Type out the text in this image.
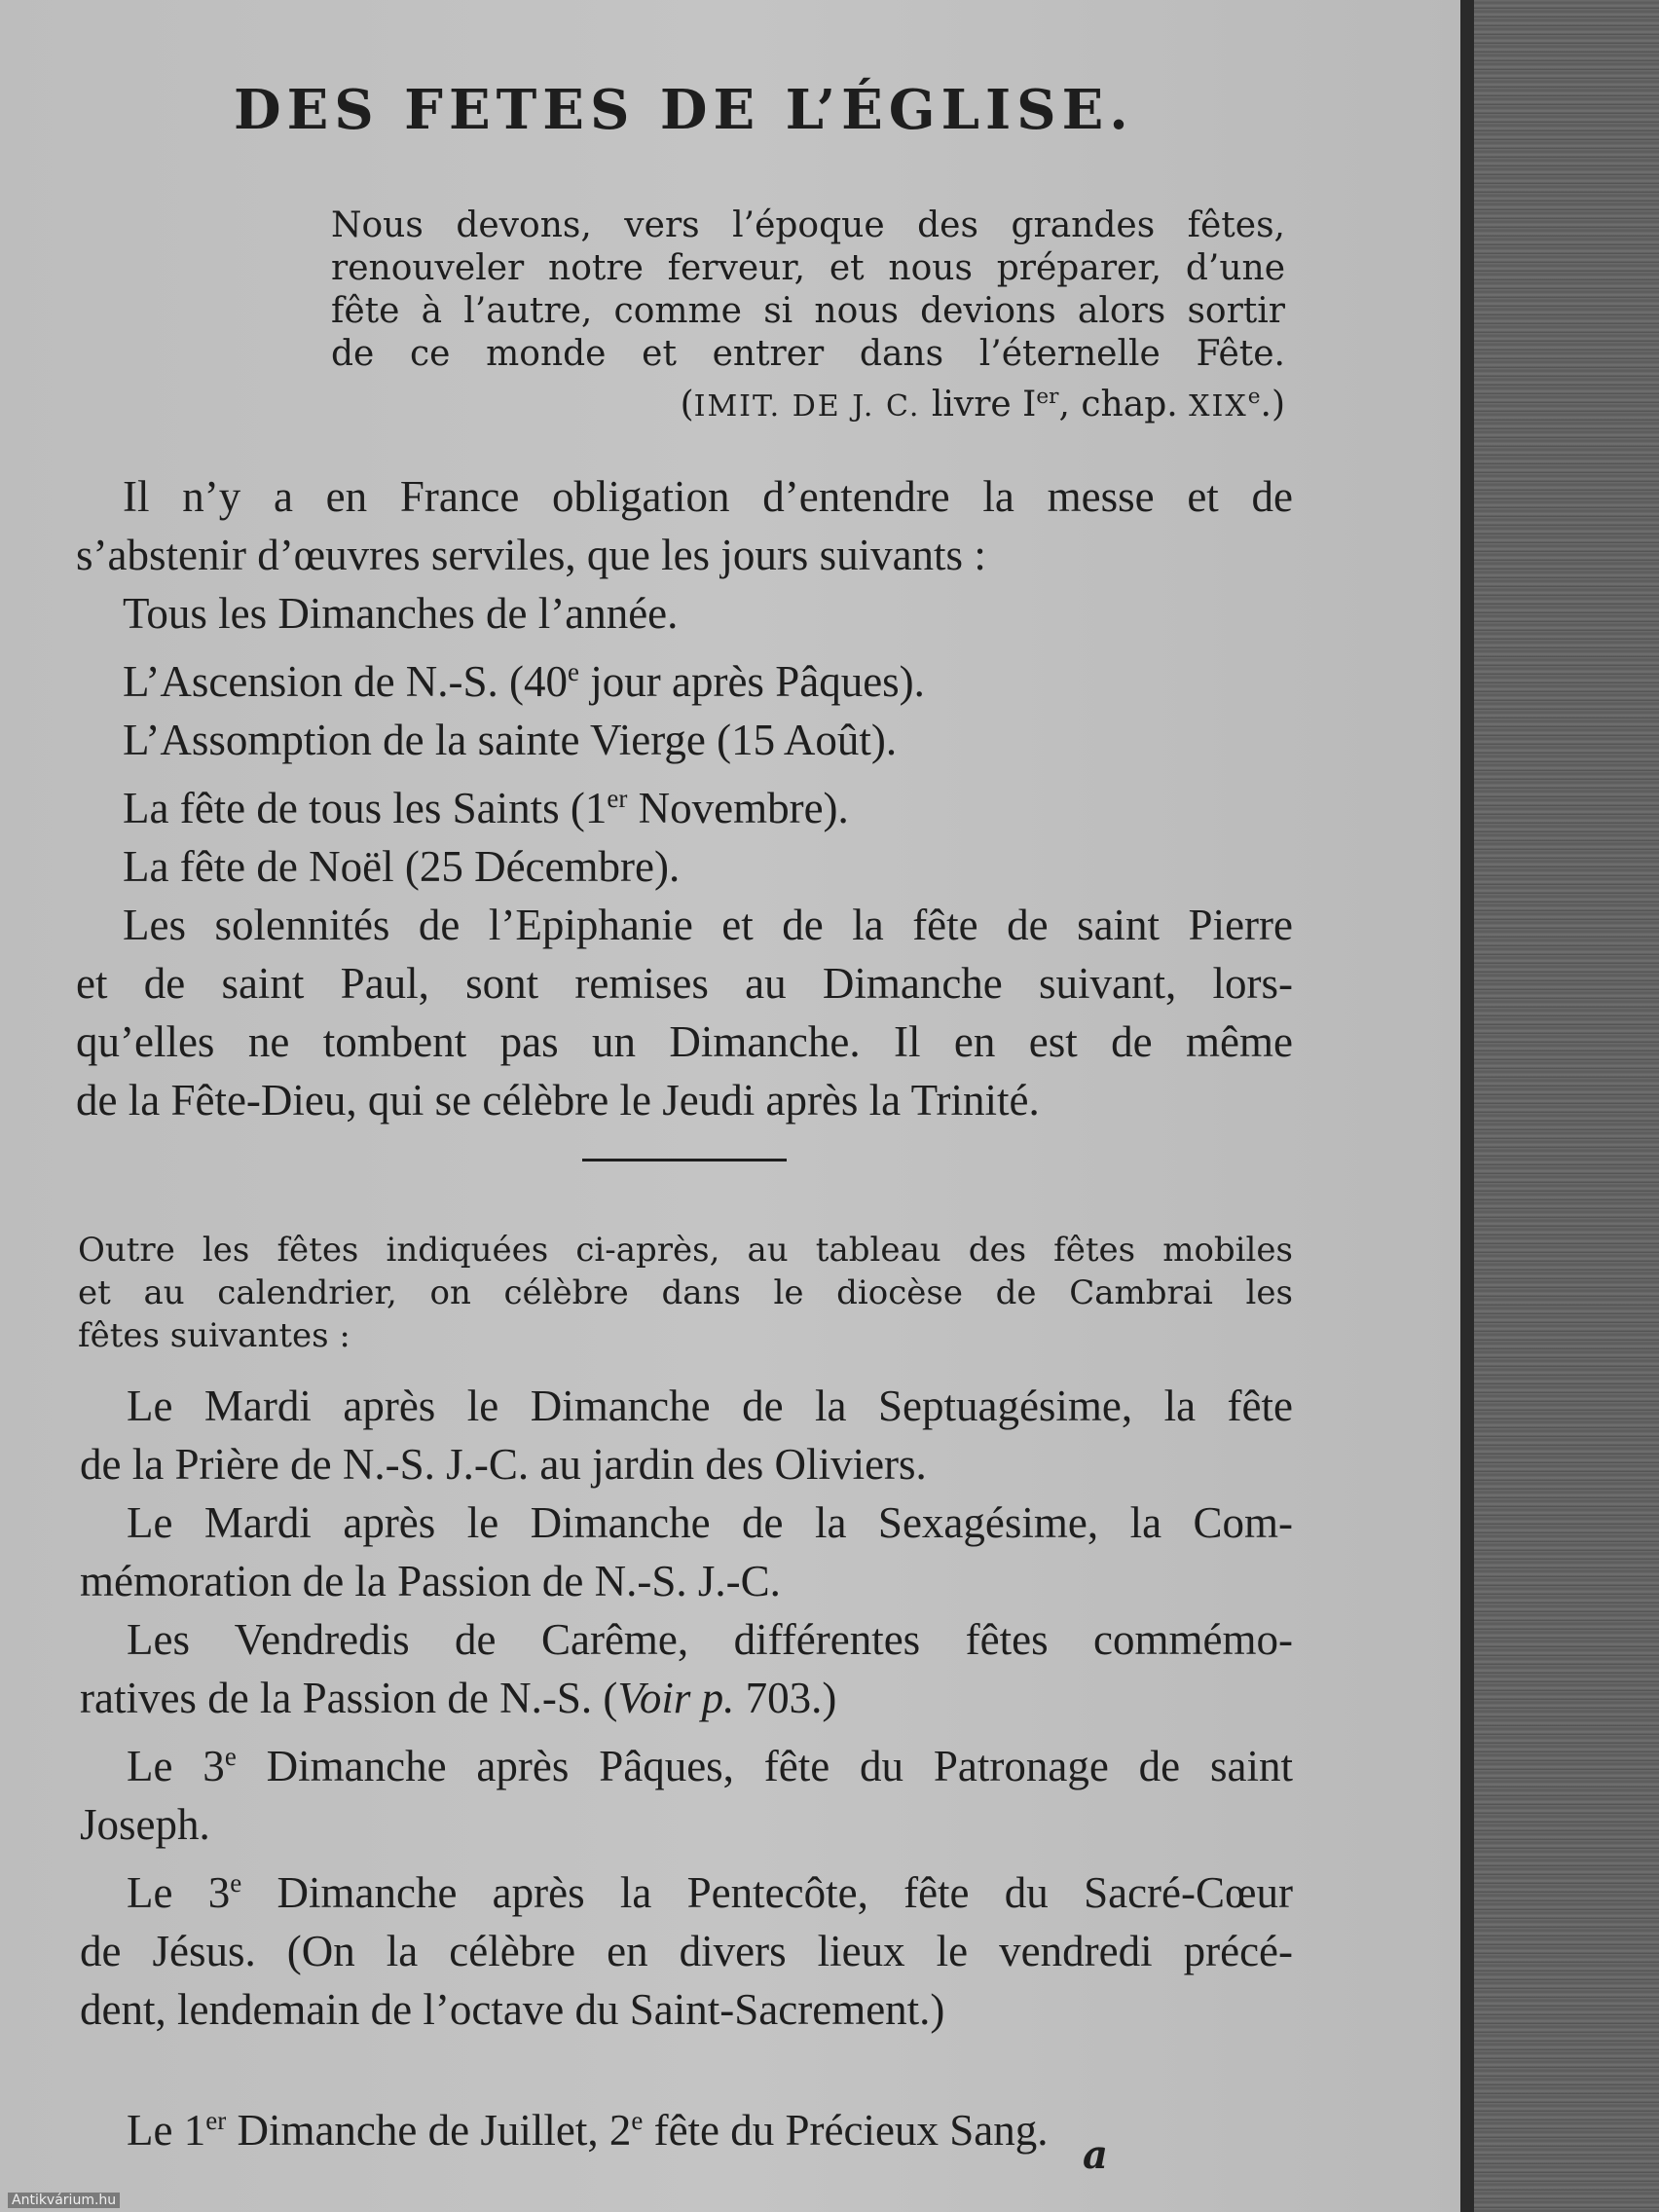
DES FETES DE L’ÉGLISE.
Nous devons, vers l’époque des grandes fêtes,
renouveler notre ferveur, et nous préparer, d’une
fête à l’autre, comme si nous devions alors sortir
de ce monde et entrer dans l’éternelle Fête.
(IMIT. DE J. C. livre Ier, chap. XIXe.)
Il n’y a en France obligation d’entendre la messe et de
s’abstenir d’œuvres serviles, que les jours suivants :
Tous les Dimanches de l’année.
L’Ascension de N.-S. (40e jour après Pâques).
L’Assomption de la sainte Vierge (15 Août).
La fête de tous les Saints (1er Novembre).
La fête de Noël (25 Décembre).
Les solennités de l’Epiphanie et de la fête de saint Pierre
et de saint Paul, sont remises au Dimanche suivant, lors-
qu’elles ne tombent pas un Dimanche. Il en est de même
de la Fête-Dieu, qui se célèbre le Jeudi après la Trinité.
Outre les fêtes indiquées ci-après, au tableau des fêtes mobiles
et au calendrier, on célèbre dans le diocèse de Cambrai les
fêtes suivantes :
Le Mardi après le Dimanche de la Septuagésime, la fête
de la Prière de N.-S. J.-C. au jardin des Oliviers.
Le Mardi après le Dimanche de la Sexagésime, la Com-
mémoration de la Passion de N.-S. J.-C.
Les Vendredis de Carême, différentes fêtes commémo-
ratives de la Passion de N.-S. (Voir p. 703.)
Le 3e Dimanche après Pâques, fête du Patronage de saint
Joseph.
Le 3e Dimanche après la Pentecôte, fête du Sacré-Cœur
de Jésus. (On la célèbre en divers lieux le vendredi précé-
dent, lendemain de l’octave du Saint-Sacrement.)
Le 1er Dimanche de Juillet, 2e fête du Précieux Sang.
a
Antikvárium.hu
